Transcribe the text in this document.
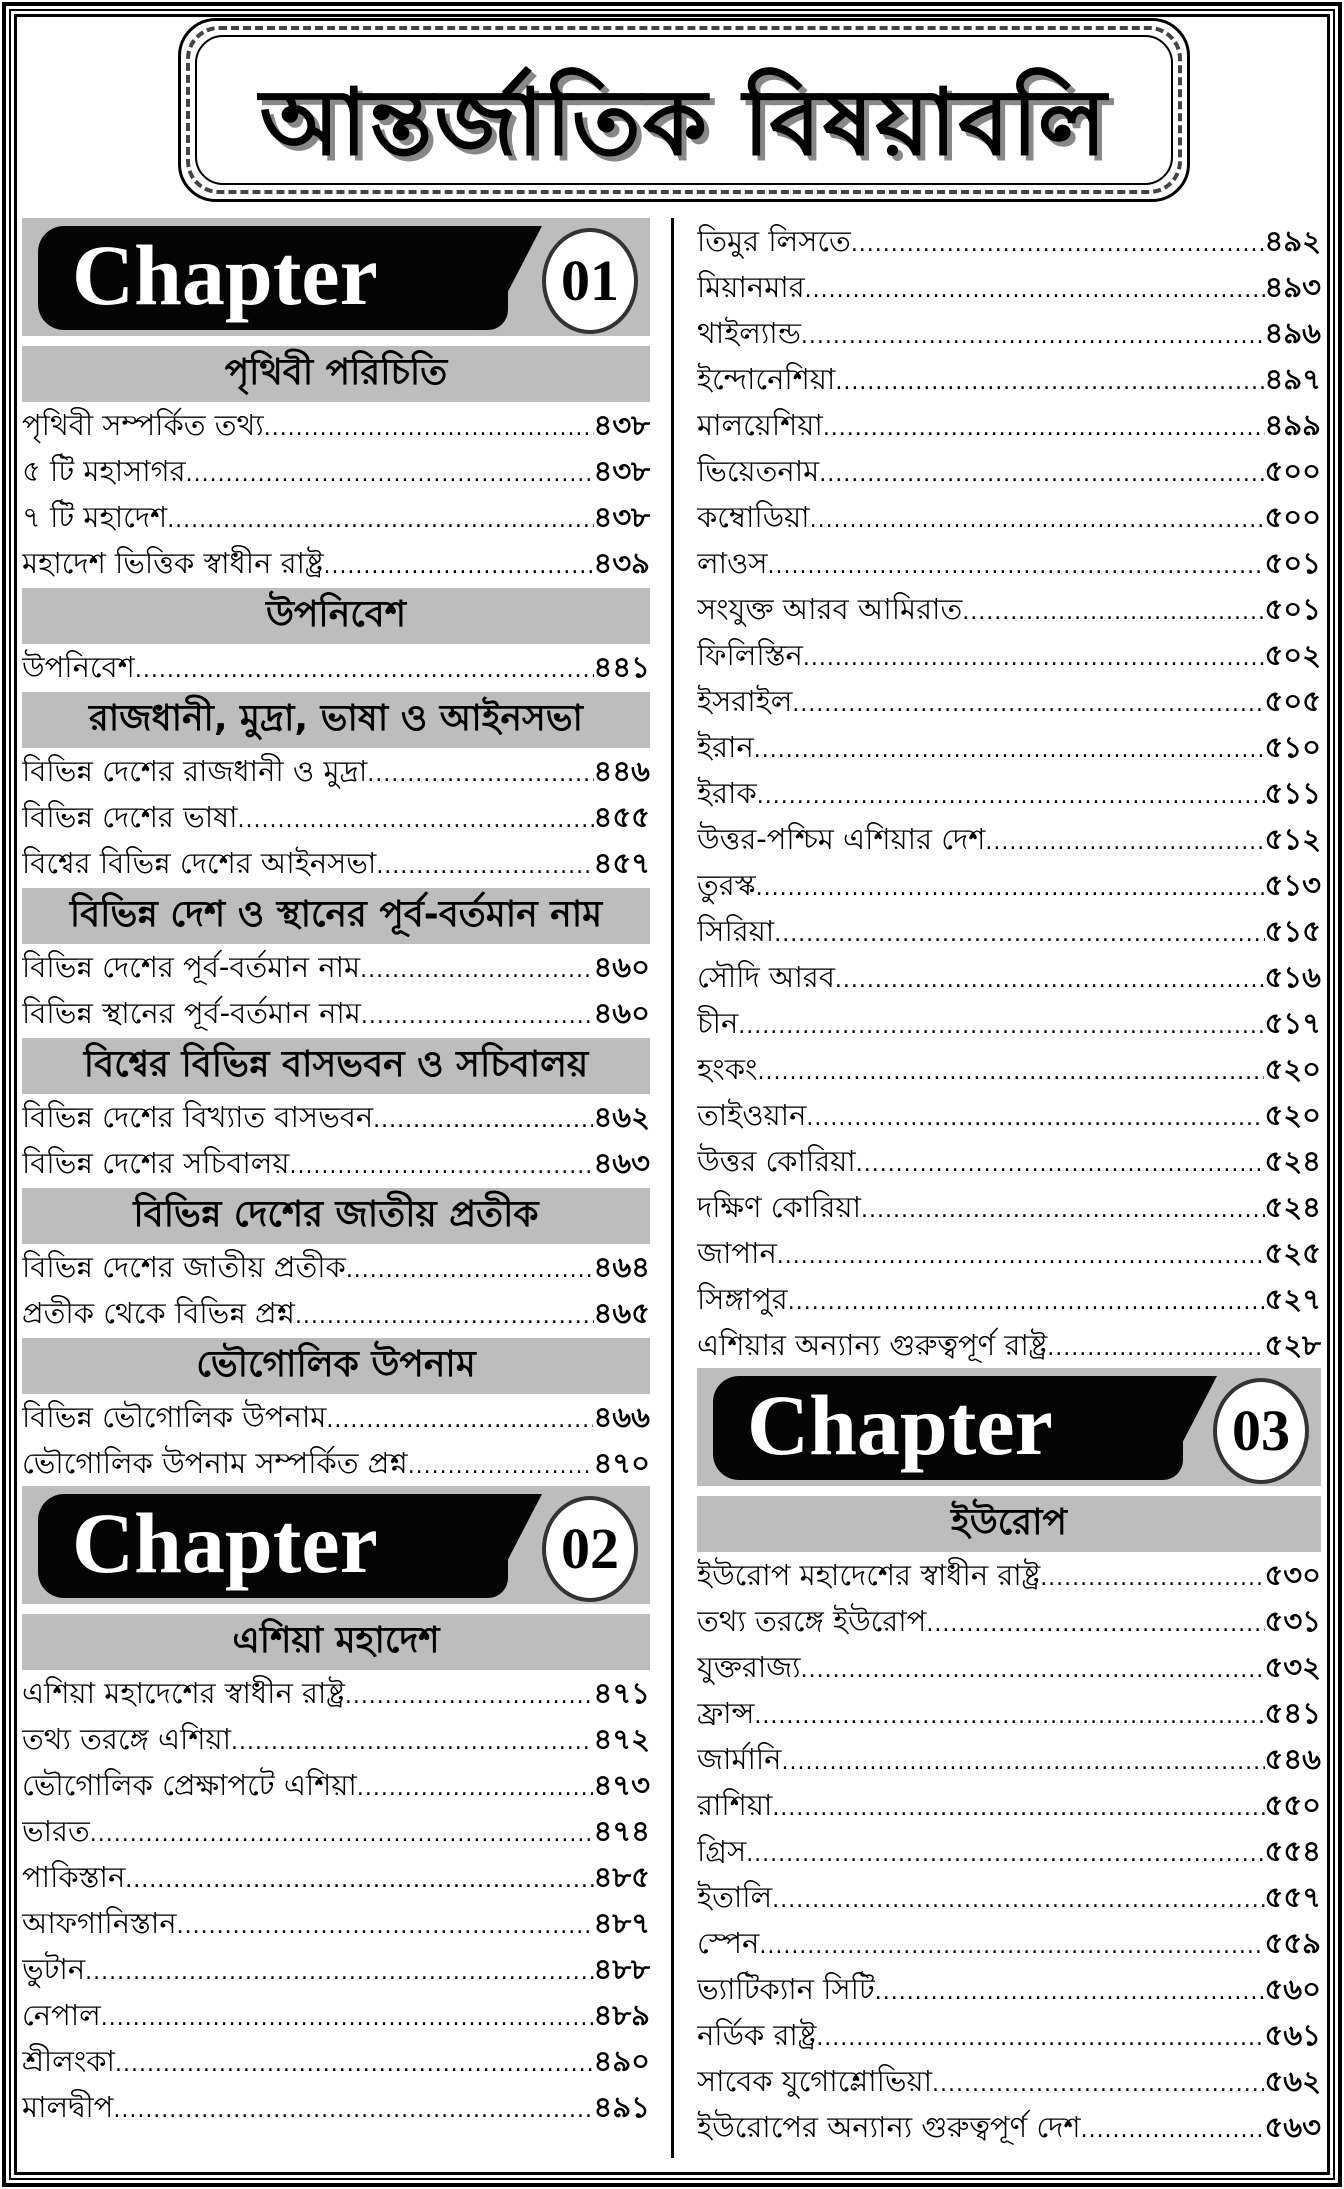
আন্তর্জাতিক বিষয়াবলি
Chapter	01
পৃথিবী পরিচিতি
পৃথিবী সম্পর্কিত তথ্য .....	৪৩৮
৫ টি মহাসাগর .....	৪৩৮
৭ টি মহাদেশ .....	৪৩৮
মহাদেশ ভিত্তিক স্বাধীন রাষ্ট্র .....	৪৩৯
উপনিবেশ
উপনিবেশ .....	৪৪১
রাজধানী, মুদ্রা, ভাষা ও আইনসভা
বিভিন্ন দেশের রাজধানী ও মুদ্রা .....	৪৪৬
বিভিন্ন দেশের ভাষা .....	৪৫৫
বিশ্বের বিভিন্ন দেশের আইনসভা .....	৪৫৭
বিভিন্ন দেশ ও স্থানের পূর্ব-বর্তমান নাম
বিভিন্ন দেশের পূর্ব-বর্তমান নাম .....	৪৬০
বিভিন্ন স্থানের পূর্ব-বর্তমান নাম .....	৪৬০
বিশ্বের বিভিন্ন বাসভবন ও সচিবালয়
বিভিন্ন দেশের বিখ্যাত বাসভবন .....	৪৬২
বিভিন্ন দেশের সচিবালয় .....	৪৬৩
বিভিন্ন দেশের জাতীয় প্রতীক
বিভিন্ন দেশের জাতীয় প্রতীক .....	৪৬৪
প্রতীক থেকে বিভিন্ন প্রশ্ন .....	৪৬৫
ভৌগোলিক উপনাম
বিভিন্ন ভৌগোলিক উপনাম .....	৪৬৬
ভৌগোলিক উপনাম সম্পর্কিত প্রশ্ন .....	৪৭০
Chapter	02
এশিয়া মহাদেশ
এশিয়া মহাদেশের স্বাধীন রাষ্ট্র .....	৪৭১
তথ্য তরঙ্গে এশিয়া .....	৪৭২
ভৌগোলিক প্রেক্ষাপটে এশিয়া .....	৪৭৩
ভারত .....	৪৭৪
পাকিস্তান .....	৪৮৫
আফগানিস্তান .....	৪৮৭
ভুটান .....	৪৮৮
নেপাল .....	৪৮৯
শ্রীলংকা .....	৪৯০
মালদ্বীপ .....	৪৯১
তিমুর লিসতে .....	৪৯২
মিয়ানমার .....	৪৯৩
থাইল্যান্ড .....	৪৯৬
ইন্দোনেশিয়া .....	৪৯৭
মালয়েশিয়া .....	৪৯৯
ভিয়েতনাম .....	৫০০
কম্বোডিয়া .....	৫০০
লাওস .....	৫০১
সংযুক্ত আরব আমিরাত .....	৫০১
ফিলিস্তিন .....	৫০২
ইসরাইল .....	৫০৫
ইরান .....	৫১০
ইরাক .....	৫১১
উত্তর-পশ্চিম এশিয়ার দেশ .....	৫১২
তুরস্ক .....	৫১৩
সিরিয়া .....	৫১৫
সৌদি আরব .....	৫১৬
চীন .....	৫১৭
হংকং .....	৫২০
তাইওয়ান .....	৫২০
উত্তর কোরিয়া .....	৫২৪
দক্ষিণ কোরিয়া .....	৫২৪
জাপান .....	৫২৫
সিঙ্গাপুর .....	৫২৭
এশিয়ার অন্যান্য গুরুত্বপূর্ণ রাষ্ট্র .....	৫২৮
Chapter	03
ইউরোপ
ইউরোপ মহাদেশের স্বাধীন রাষ্ট্র .....	৫৩০
তথ্য তরঙ্গে ইউরোপ .....	৫৩১
যুক্তরাজ্য .....	৫৩২
ফ্রান্স .....	৫৪১
জার্মানি .....	৫৪৬
রাশিয়া .....	৫৫০
গ্রিস .....	৫৫৪
ইতালি .....	৫৫৭
স্পেন .....	৫৫৯
ভ্যাটিক্যান সিটি .....	৫৬০
নর্ডিক রাষ্ট্র .....	৫৬১
সাবেক যুগোশ্লোভিয়া .....	৫৬২
ইউরোপের অন্যান্য গুরুত্বপূর্ণ দেশ .....	৫৬৩
